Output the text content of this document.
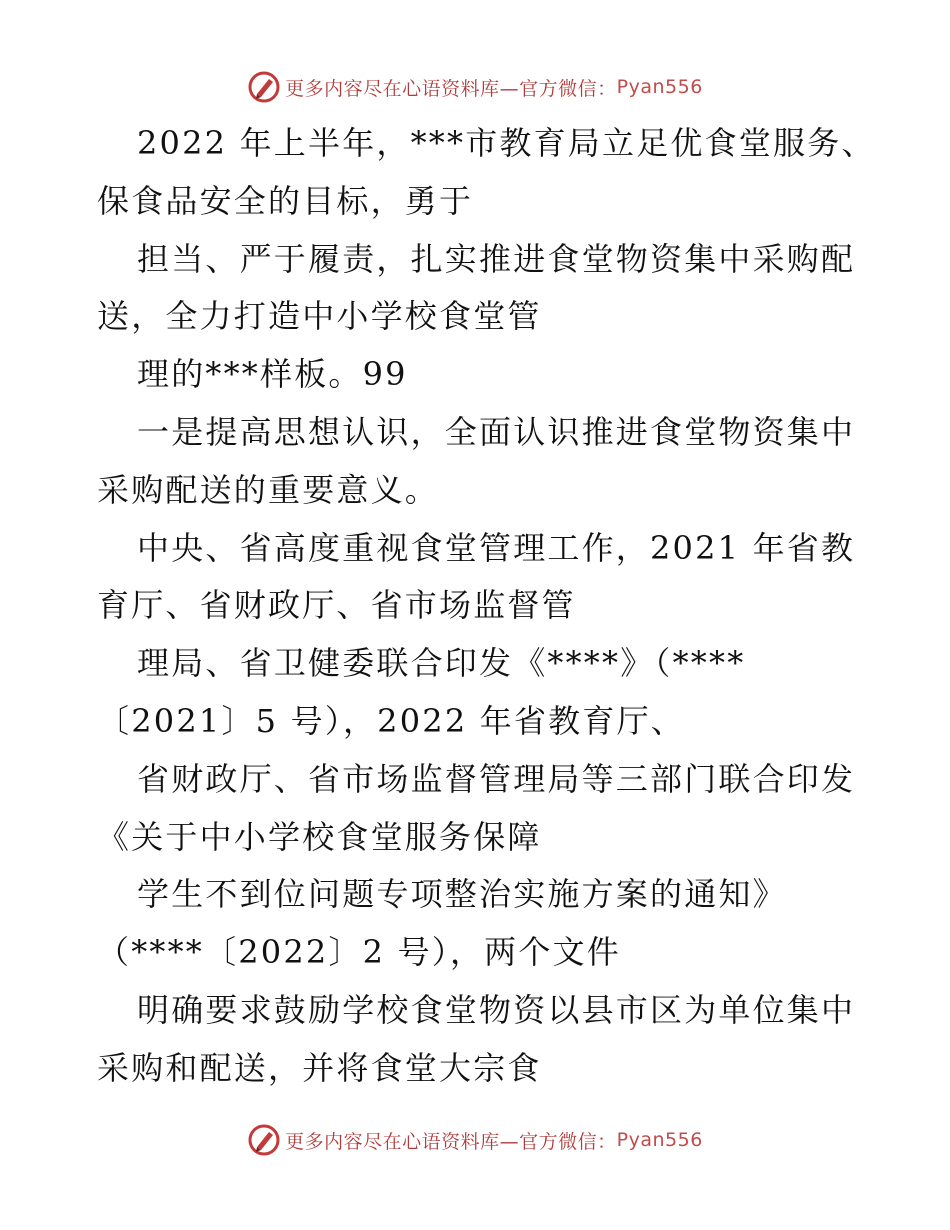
更多内容尽在心语资料库—官方微信： Pyan556
2022 年上半年，***市教育局立足优食堂服务、
保食品安全的目标，勇于
担当、严于履责，扎实推进食堂物资集中采购配
送，全力打造中小学校食堂管
理的***样板。99
一是提高思想认识，全面认识推进食堂物资集中
采购配送的重要意义。
中央、省高度重视食堂管理工作，2021 年省教
育厅、省财政厅、省市场监督管
理局、省卫健委联合印发《****》（****
〔2021〕5 号），2022 年省教育厅、
省财政厅、省市场监督管理局等三部门联合印发
《关于中小学校食堂服务保障
学生不到位问题专项整治实施方案的通知》
（****〔2022〕2 号），两个文件
明确要求鼓励学校食堂物资以县市区为单位集中
采购和配送，并将食堂大宗食
更多内容尽在心语资料库—官方微信： Pyan556
